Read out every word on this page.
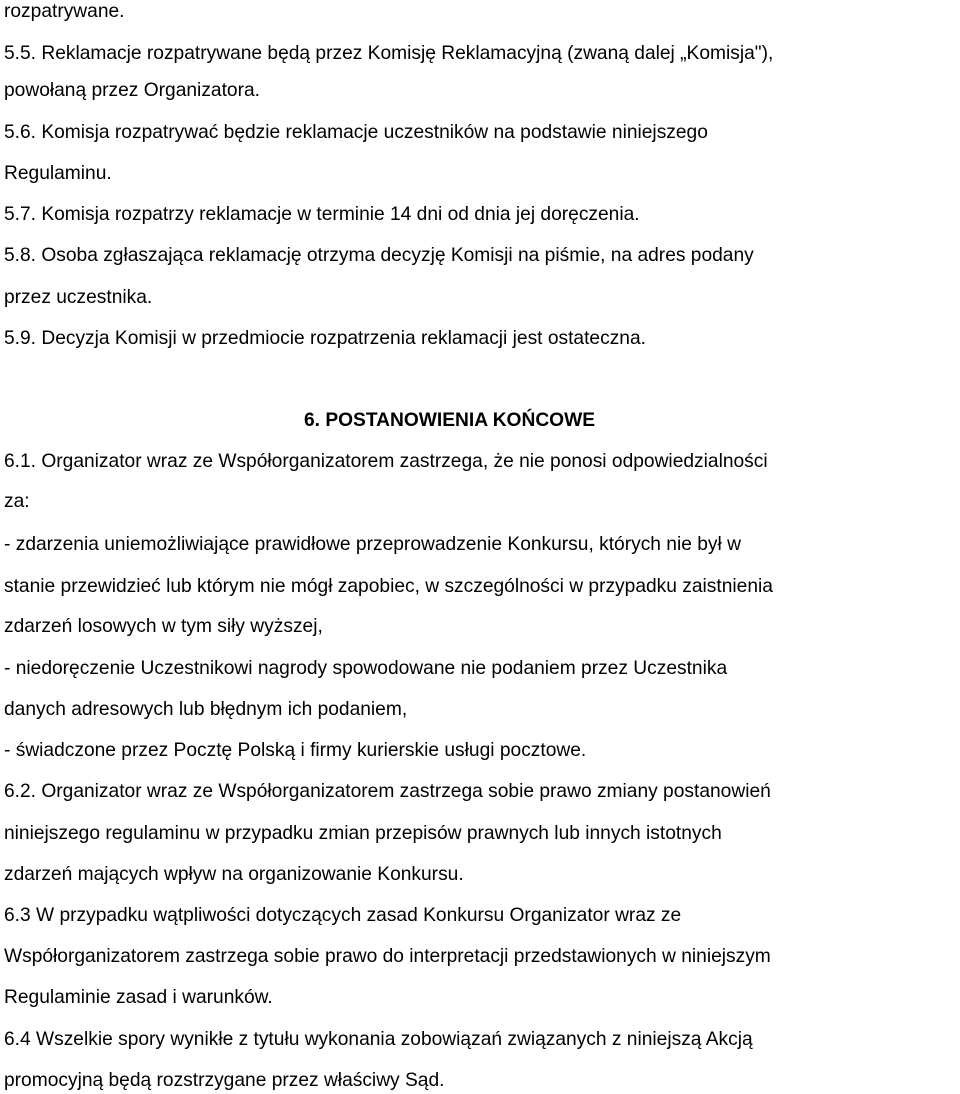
rozpatrywane.
5.5. Reklamacje rozpatrywane będą przez Komisję Reklamacyjną (zwaną dalej „Komisja"),
powołaną przez Organizatora.
5.6. Komisja rozpatrywać będzie reklamacje uczestników na podstawie niniejszego
Regulaminu.
5.7. Komisja rozpatrzy reklamacje w terminie 14 dni od dnia jej doręczenia.
5.8. Osoba zgłaszająca reklamację otrzyma decyzję Komisji na piśmie, na adres podany
przez uczestnika.
5.9. Decyzja Komisji w przedmiocie rozpatrzenia reklamacji jest ostateczna.
6. POSTANOWIENIA KOŃCOWE
6.1. Organizator wraz ze Współorganizatorem zastrzega, że nie ponosi odpowiedzialności
za:
- zdarzenia uniemożliwiające prawidłowe przeprowadzenie Konkursu, których nie był w
stanie przewidzieć lub którym nie mógł zapobiec, w szczególności w przypadku zaistnienia
zdarzeń losowych w tym siły wyższej,
- niedoręczenie Uczestnikowi nagrody spowodowane nie podaniem przez Uczestnika
danych adresowych lub błędnym ich podaniem,
- świadczone przez Pocztę Polską i firmy kurierskie usługi pocztowe.
6.2. Organizator wraz ze Współorganizatorem zastrzega sobie prawo zmiany postanowień
niniejszego regulaminu w przypadku zmian przepisów prawnych lub innych istotnych
zdarzeń mających wpływ na organizowanie Konkursu.
6.3 W przypadku wątpliwości dotyczących zasad Konkursu Organizator wraz ze
Współorganizatorem zastrzega sobie prawo do interpretacji przedstawionych w niniejszym
Regulaminie zasad i warunków.
6.4 Wszelkie spory wynikłe z tytułu wykonania zobowiązań związanych z niniejszą Akcją
promocyjną będą rozstrzygane przez właściwy Sąd.
